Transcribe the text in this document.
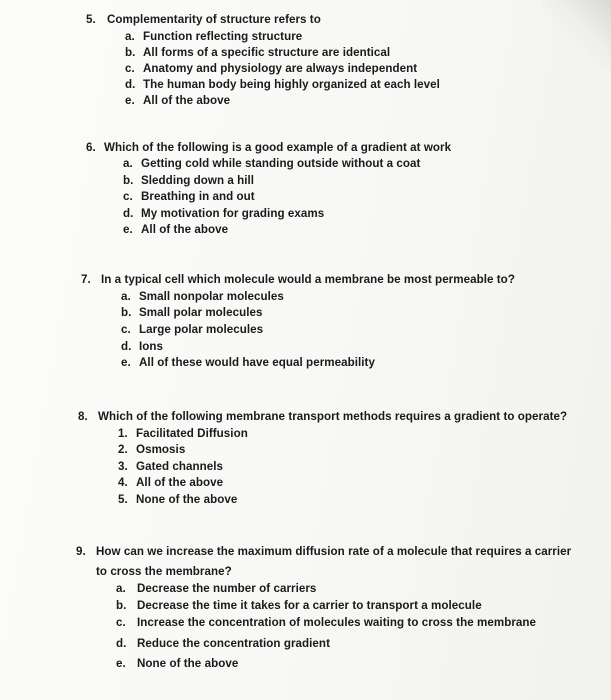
5. Complementarity of structure refers to
a. Function reflecting structure
b. All forms of a specific structure are identical
c. Anatomy and physiology are always independent
d. The human body being highly organized at each level
e. All of the above
6. Which of the following is a good example of a gradient at work
a. Getting cold while standing outside without a coat
b. Sledding down a hill
c. Breathing in and out
d. My motivation for grading exams
e. All of the above
7. In a typical cell which molecule would a membrane be most permeable to?
a. Small nonpolar molecules
b. Small polar molecules
c. Large polar molecules
d. Ions
e. All of these would have equal permeability
8. Which of the following membrane transport methods requires a gradient to operate?
1. Facilitated Diffusion
2. Osmosis
3. Gated channels
4. All of the above
5. None of the above
9. How can we increase the maximum diffusion rate of a molecule that requires a carrier
to cross the membrane?
a. Decrease the number of carriers
b. Decrease the time it takes for a carrier to transport a molecule
c. Increase the concentration of molecules waiting to cross the membrane
d. Reduce the concentration gradient
e. None of the above
